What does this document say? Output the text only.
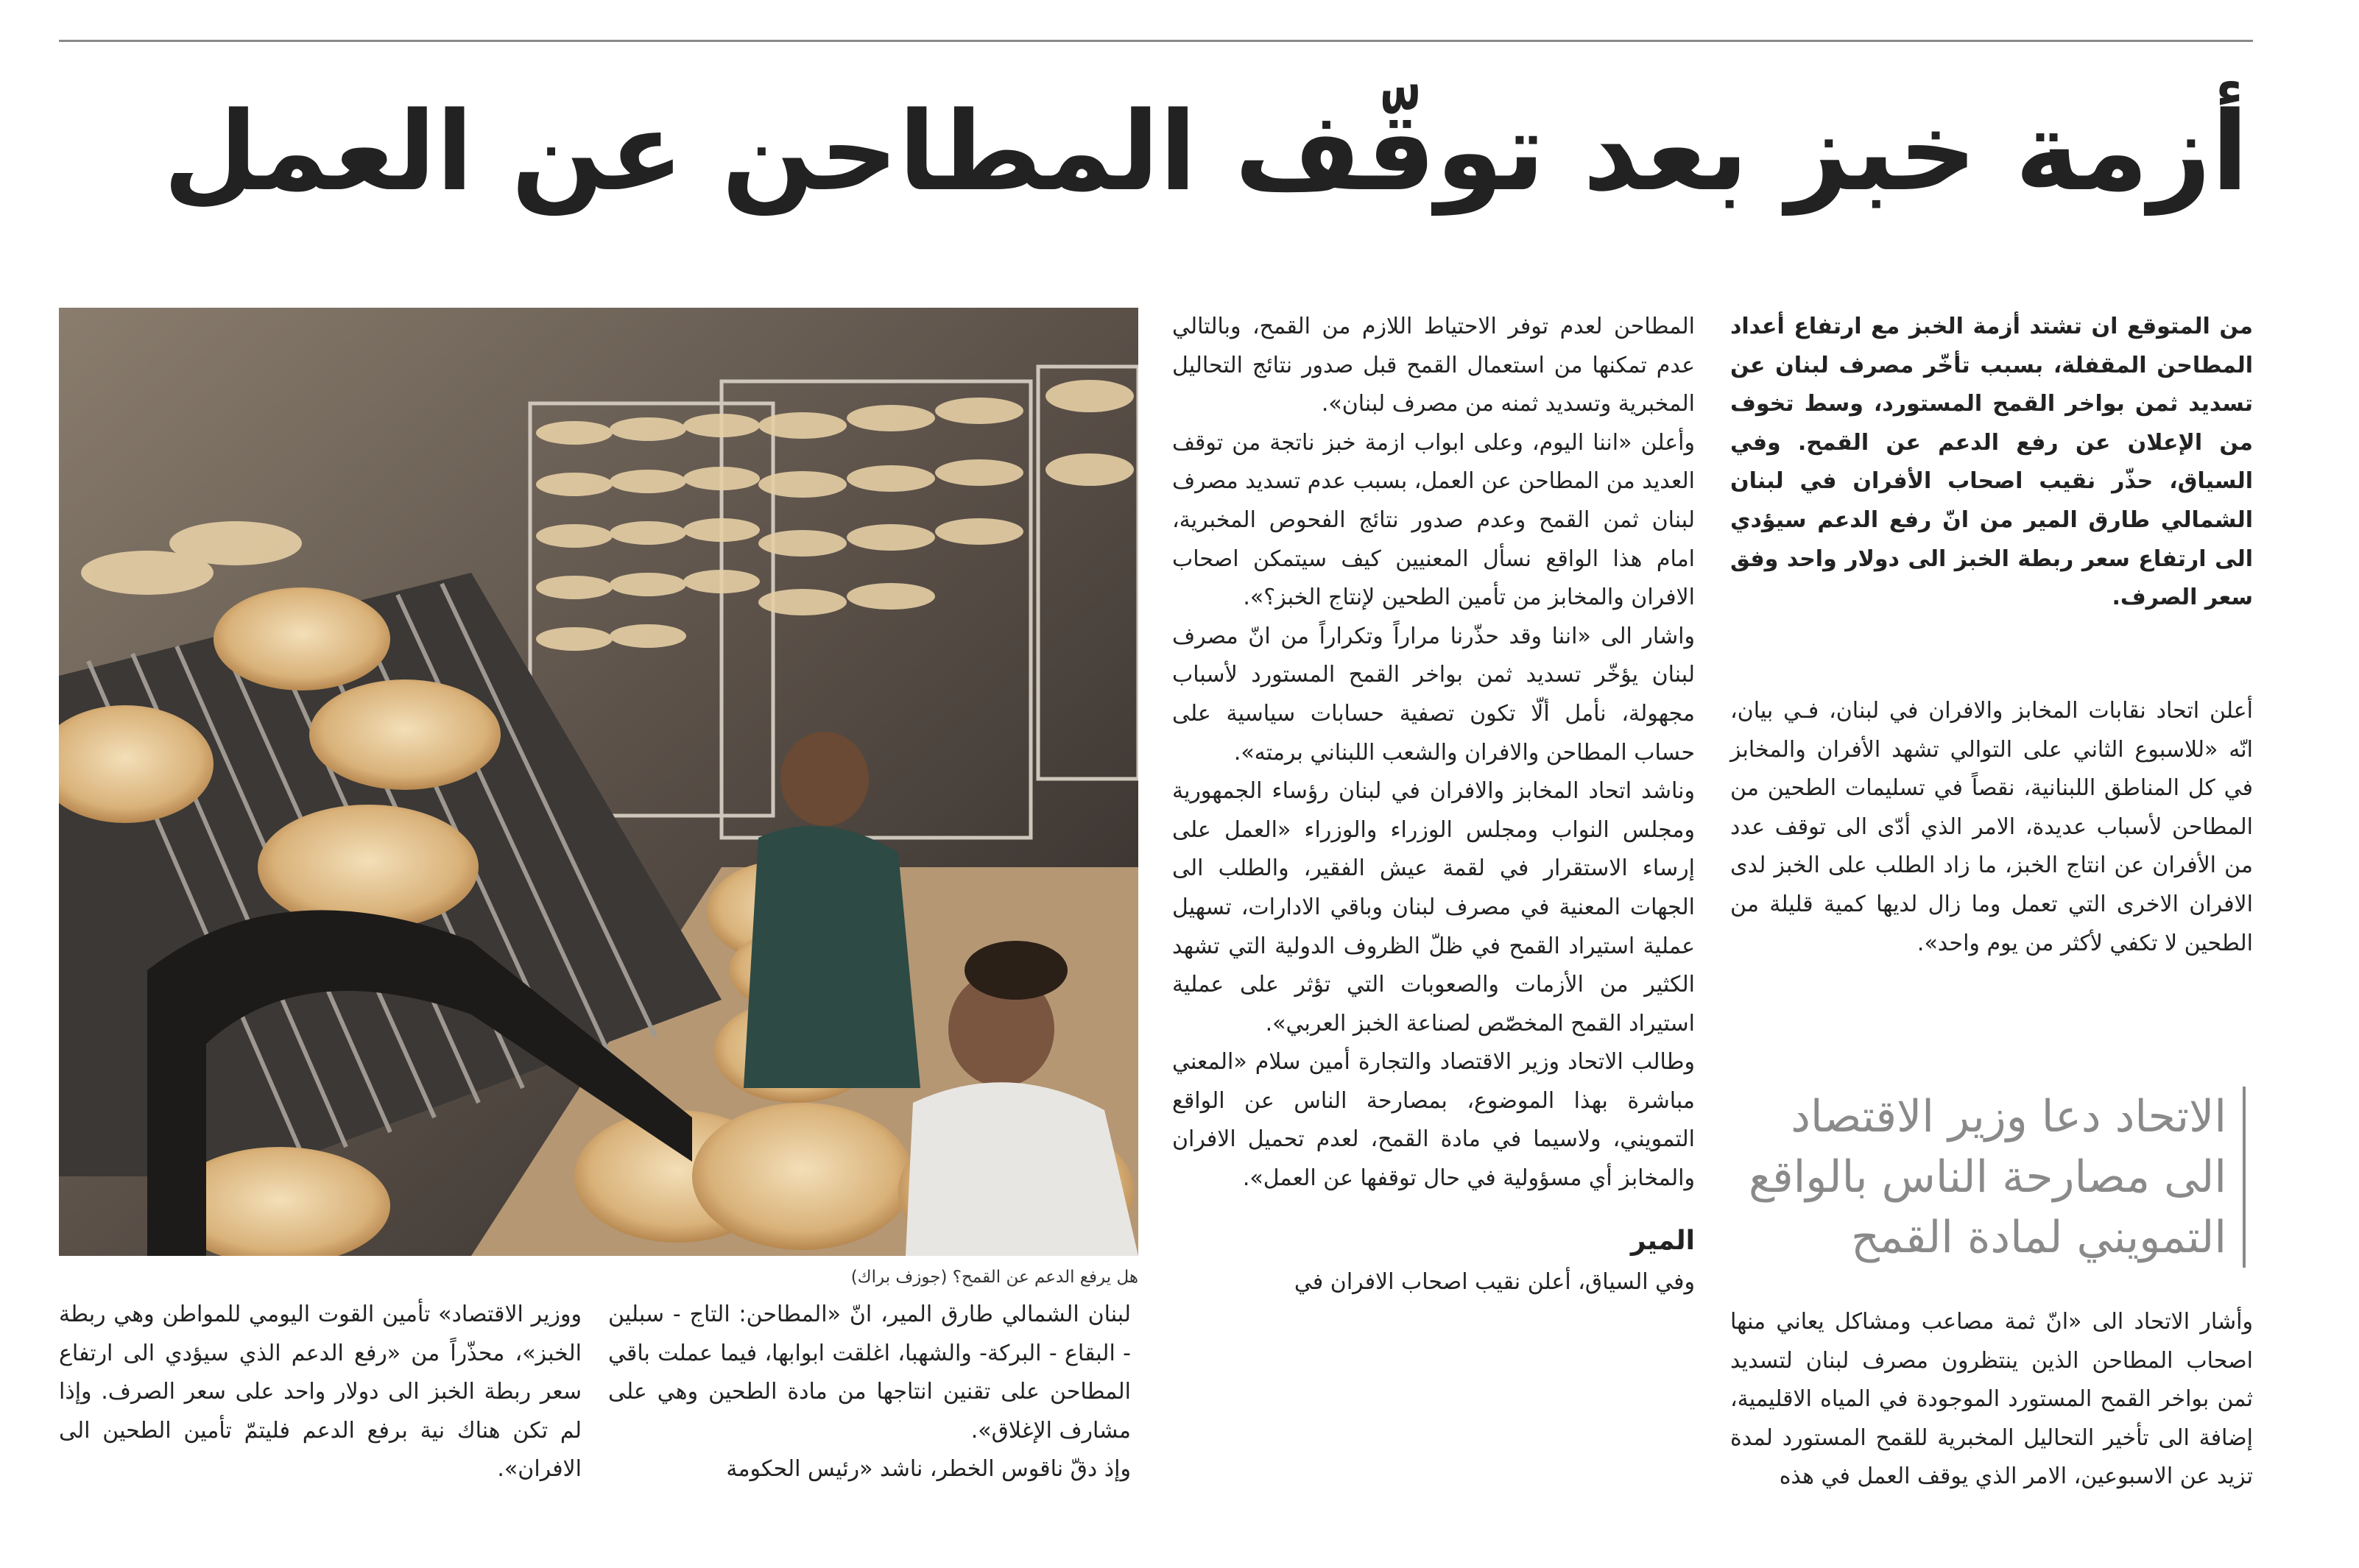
أزمة خبز بعد توقّف المطاحن عن العمل
من المتوقع ان تشتد أزمة الخبز مع ارتفاع أعداد المطاحن المقفلة، بسبب تأخّر مصرف لبنان عن تسديد ثمن بواخر القمح المستورد، وسط تخوف من الإعلان عن رفع الدعم عن القمح. وفي السياق، حذّر نقيب اصحاب الأفران في لبنان الشمالي طارق المير من انّ رفع الدعم سيؤدي الى ارتفاع سعر ربطة الخبز الى دولار واحد وفق سعر الصرف.
أعلن اتحاد نقابات المخابز والافران في لبنان، فـي بيان، انّه «للاسبوع الثاني على التوالي تشهد الأفران والمخابز في كل المناطق اللبنانية، نقصاً في تسليمات الطحين من المطاحن لأسباب عديدة، الامر الذي أدّى الى توقف عدد من الأفران عن انتاج الخبز، ما زاد الطلب على الخبز لدى الافران الاخرى التي تعمل وما زال لديها كمية قليلة من الطحين لا تكفي لأكثر من يوم واحد».
الاتحاد دعا وزير الاقتصاد الى مصارحة الناس بالواقع التمويني لمادة القمح
وأشار الاتحاد الى «انّ ثمة مصاعب ومشاكل يعاني منها اصحاب المطاحن الذين ينتظرون مصرف لبنان لتسديد ثمن بواخر القمح المستورد الموجودة في المياه الاقليمية، إضافة الى تأخير التحاليل المخبرية للقمح المستورد لمدة تزيد عن الاسبوعين، الامر الذي يوقف العمل في هذه

المطاحن لعدم توفر الاحتياط اللازم من القمح، وبالتالي عدم تمكنها من استعمال القمح قبل صدور نتائج التحاليل المخبرية وتسديد ثمنه من مصرف لبنان».

وأعلن «اننا اليوم، وعلى ابواب ازمة خبز ناتجة من توقف العديد من المطاحن عن العمل، بسبب عدم تسديد مصرف لبنان ثمن القمح وعدم صدور نتائج الفحوص المخبرية، امام هذا الواقع نسأل المعنيين كيف سيتمكن اصحاب الافران والمخابز من تأمين الطحين لإنتاج الخبز؟».

واشار الى «اننا وقد حذّرنا مراراً وتكراراً من انّ مصرف لبنان يؤخّر تسديد ثمن بواخر القمح المستورد لأسباب مجهولة، نأمل ألّا تكون تصفية حسابات سياسية على حساب المطاحن والافران والشعب اللبناني برمته».

وناشد اتحاد المخابز والافران في لبنان رؤساء الجمهورية ومجلس النواب ومجلس الوزراء والوزراء «العمل على إرساء الاستقرار في لقمة عيش الفقير، والطلب الى الجهات المعنية في مصرف لبنان وباقي الادارات، تسهيل عملية استيراد القمح في ظلّ الظروف الدولية التي تشهد الكثير من الأزمات والصعوبات التي تؤثر على عملية استيراد القمح المخصّص لصناعة الخبز العربي».

وطالب الاتحاد وزير الاقتصاد والتجارة أمين سلام «المعني مباشرة بهذا الموضوع، بمصارحة الناس عن الواقع التمويني، ولاسيما في مادة القمح، لعدم تحميل الافران والمخابز أي مسؤولية في حال توقفها عن العمل».

المير

وفي السياق، أعلن نقيب اصحاب الافران في

هل يرفع الدعم عن القمح؟ (جوزف براك)

لبنان الشمالي طارق المير، انّ «المطاحن: التاج - سبلين - البقاع - البركة- والشهبا، اغلقت ابوابها، فيما عملت باقي المطاحن على تقنين انتاجها من مادة الطحين وهي على مشارف الإغلاق».

وإذ دقّ ناقوس الخطر، ناشد «رئيس الحكومة

ووزير الاقتصاد» تأمين القوت اليومي للمواطن وهي ربطة الخبز»، محذّراً من «رفع الدعم الذي سيؤدي الى ارتفاع سعر ربطة الخبز الى دولار واحد على سعر الصرف. وإذا لم تكن هناك نية برفع الدعم فليتمّ تأمين الطحين الى الافران».
